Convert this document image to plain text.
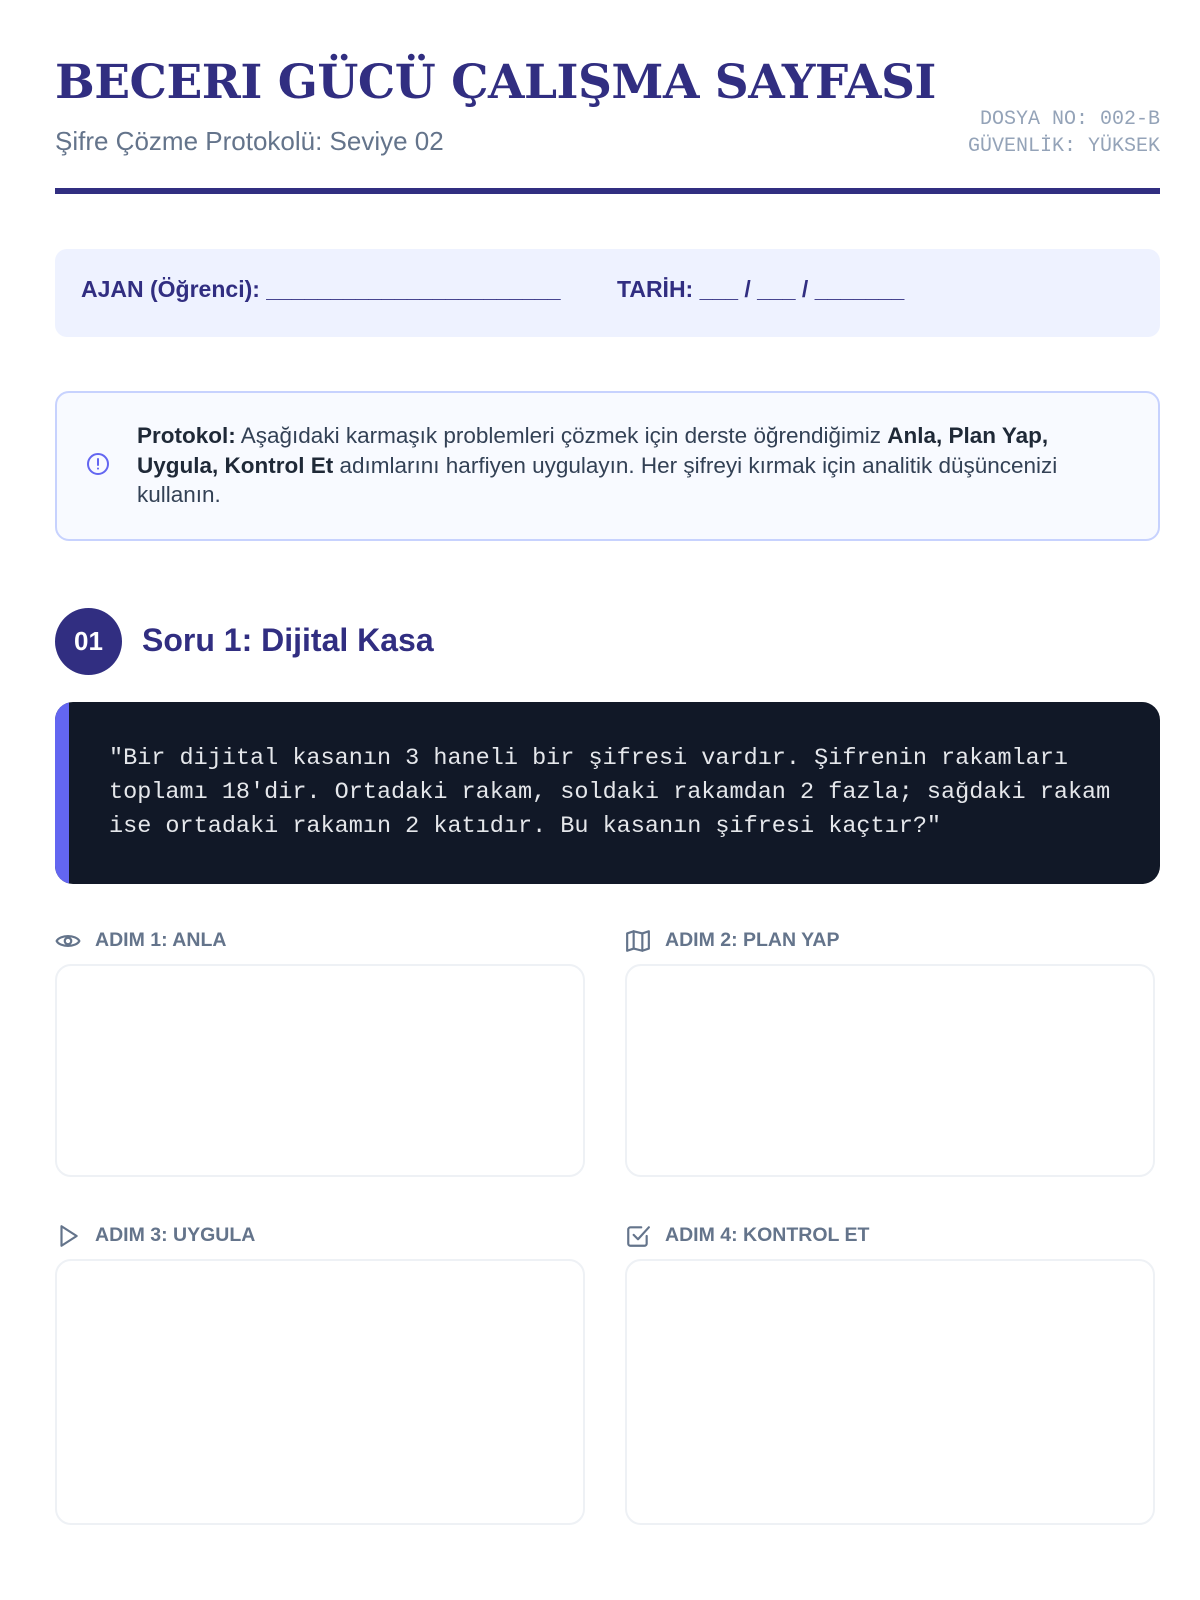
BECERI GÜCÜ ÇALIŞMA SAYFASI
Şifre Çözme Protokolü: Seviye 02
DOSYA NO: 002-B
GÜVENLİK: YÜKSEK
AJAN (Öğrenci): _______________________ TARİH: ___ / ___ / _______
Protokol: Aşağıdaki karmaşık problemleri çözmek için derste öğrendiğimiz Anla, Plan Yap, Uygula, Kontrol Et adımlarını harfiyen uygulayın. Her şifreyi kırmak için analitik düşüncenizi kullanın.
01	Soru 1: Dijital Kasa
"Bir dijital kasanın 3 haneli bir şifresi vardır. Şifrenin rakamları toplamı 18'dir. Ortadaki rakam, soldaki rakamdan 2 fazla; sağdaki rakam ise ortadaki rakamın 2 katıdır. Bu kasanın şifresi kaçtır?"
ADIM 1: ANLA	ADIM 2: PLAN YAP
ADIM 3: UYGULA	ADIM 4: KONTROL ET
